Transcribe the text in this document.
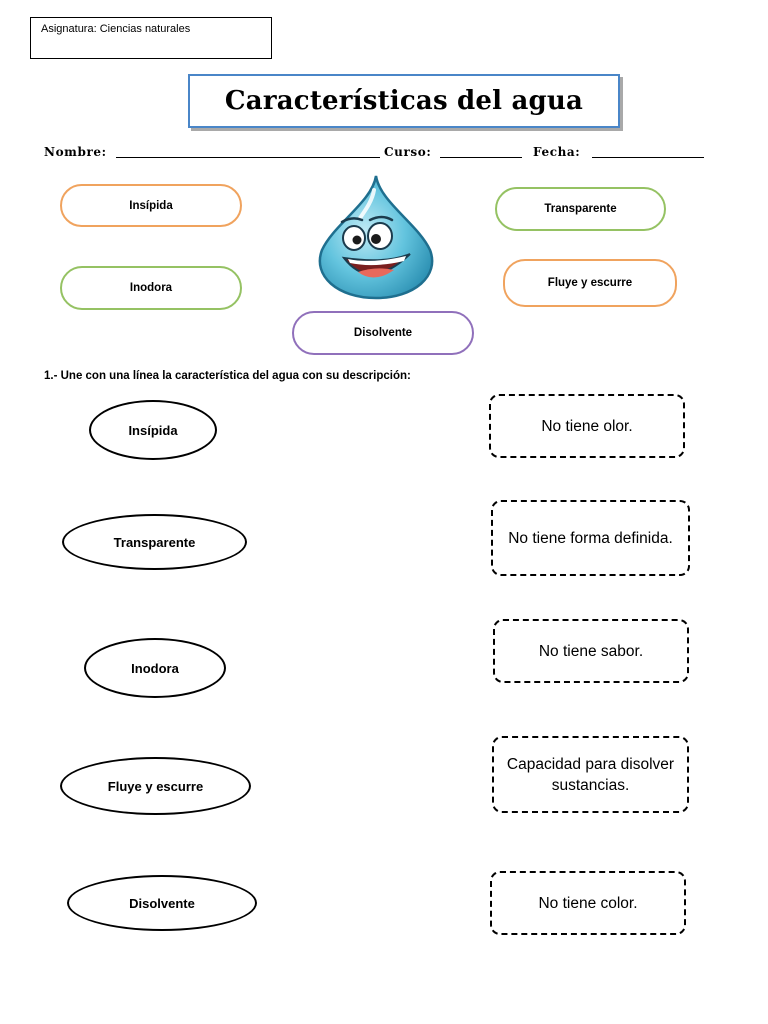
Asignatura: Ciencias naturales
Características del agua
Nombre:	Curso:	Fecha:
Insípida	Transparente
Inodora	Fluye y escurre
Disolvente
1.- Une con una línea la característica del agua con su descripción:
Insípida
Transparente
Inodora
Fluye y escurre
Disolvente
No tiene olor.
No tiene forma definida.
No tiene sabor.
Capacidad para disolver sustancias.
No tiene color.
